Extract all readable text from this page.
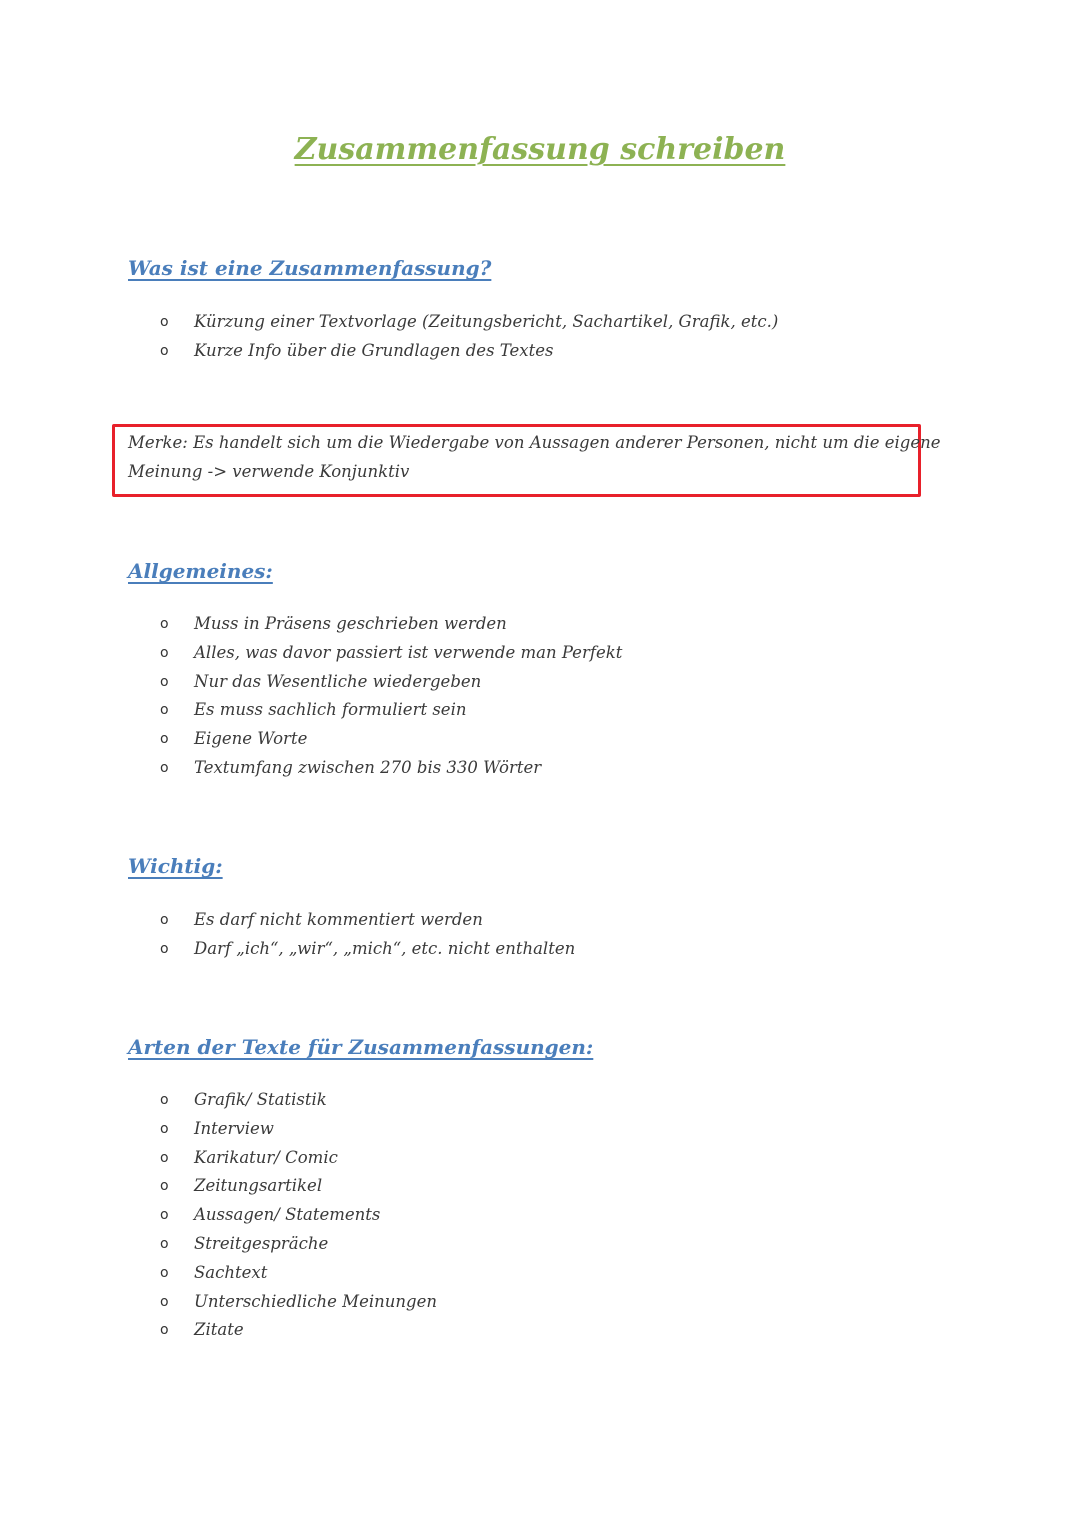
Zusammenfassung schreiben
Was ist eine Zusammenfassung?
o	Kürzung einer Textvorlage (Zeitungsbericht, Sachartikel, Grafik, etc.)
o	Kurze Info über die Grundlagen des Textes
Merke: Es handelt sich um die Wiedergabe von Aussagen anderer Personen, nicht um die eigene
Meinung -> verwende Konjunktiv
Allgemeines:
o	Muss in Präsens geschrieben werden
o	Alles, was davor passiert ist verwende man Perfekt
o	Nur das Wesentliche wiedergeben
o	Es muss sachlich formuliert sein
o	Eigene Worte
o	Textumfang zwischen 270 bis 330 Wörter
Wichtig:
o	Es darf nicht kommentiert werden
o	Darf „ich“, „wir“, „mich“, etc. nicht enthalten
Arten der Texte für Zusammenfassungen:
o	Grafik/ Statistik
o	Interview
o	Karikatur/ Comic
o	Zeitungsartikel
o	Aussagen/ Statements
o	Streitgespräche
o	Sachtext
o	Unterschiedliche Meinungen
o	Zitate
